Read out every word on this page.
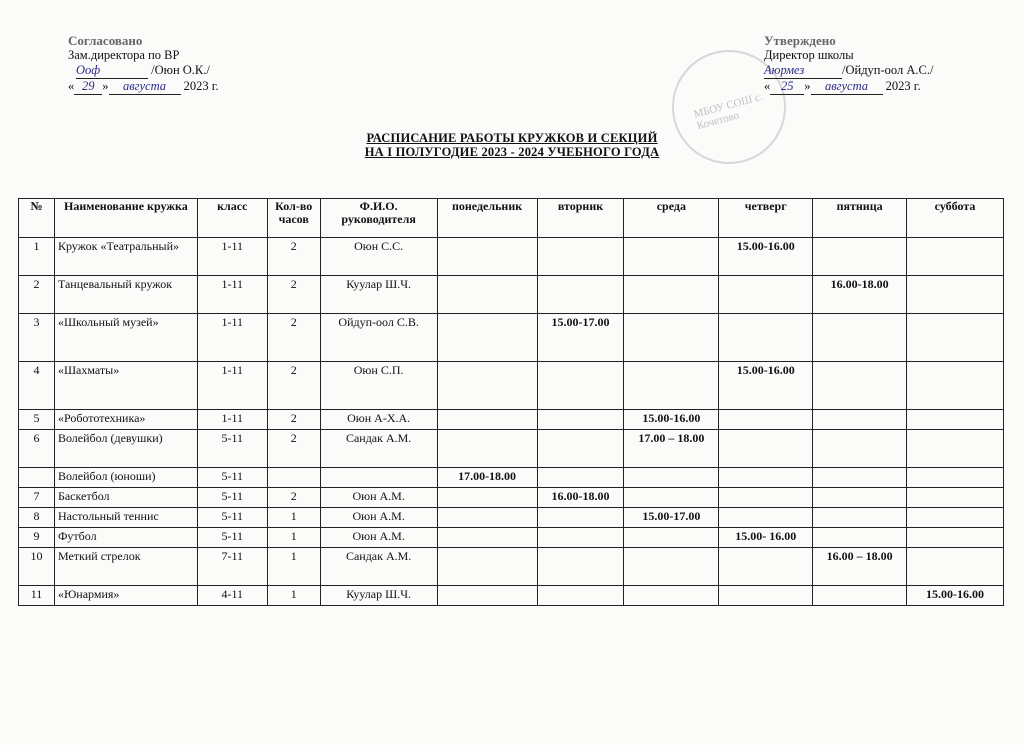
Согласовано
Зам.директора по ВР
Ооф	/Оюн О.К./
« 29 » августа 2023 г.
МБОУ СОШ с. Кочетово
Утверждено
Директор школы
Аюрмез	/Ойдуп-оол А.С./
« 25 » августа 2023 г.
РАСПИСАНИЕ РАБОТЫ КРУЖКОВ И СЕКЦИЙ
НА I ПОЛУГОДИЕ 2023 - 2024 УЧЕБНОГО ГОДА
№	Наименование кружка	класс	Кол-во часов	Ф.И.О. руководителя	понедельник	вторник	среда	четверг	пятница	суббота
1	Кружок «Театральный»	1-11	2	Оюн С.С.				15.00-16.00		
2	Танцевальный кружок	1-11	2	Куулар Ш.Ч.					16.00-18.00	
3	«Школьный музей»	1-11	2	Ойдуп-оол С.В.		15.00-17.00				
4	«Шахматы»	1-11	2	Оюн С.П.				15.00-16.00		
5	«Робототехника»	1-11	2	Оюн А-Х.А.			15.00-16.00			
6	Волейбол (девушки)	5-11	2	Сандак А.М.			17.00 – 18.00			
	Волейбол (юноши)	5-11			17.00-18.00					
7	Баскетбол	5-11	2	Оюн А.М.		16.00-18.00				
8	Настольный теннис	5-11	1	Оюн А.М.			15.00-17.00			
9	Футбол	5-11	1	Оюн А.М.				15.00- 16.00		
10	Меткий стрелок	7-11	1	Сандак А.М.					16.00 – 18.00	
11	«Юнармия»	4-11	1	Куулар Ш.Ч.						15.00-16.00
